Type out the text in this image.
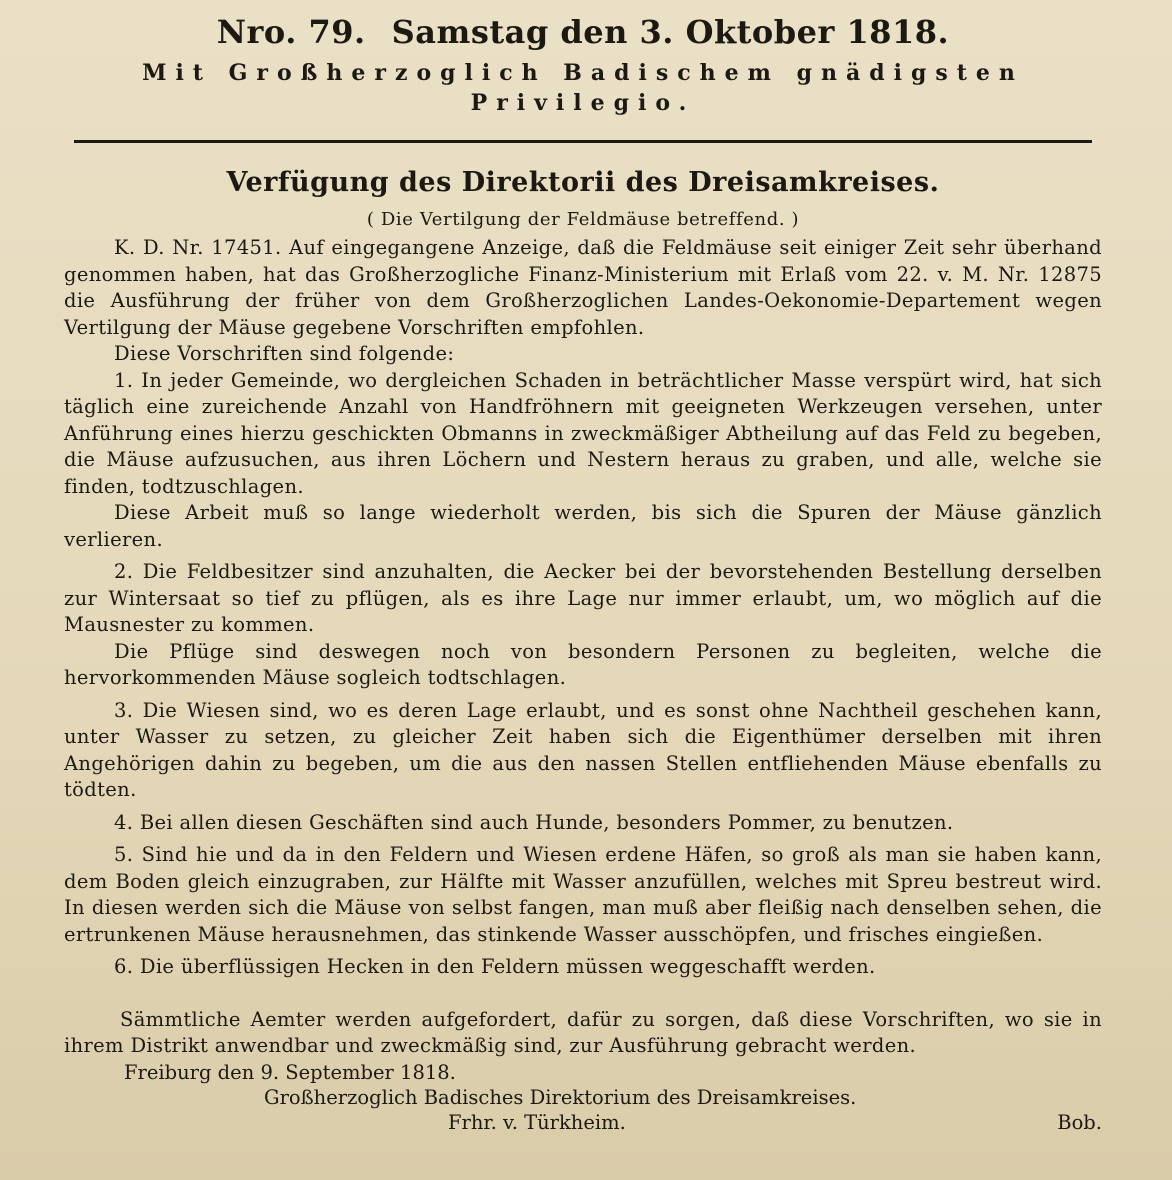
Nro. 79. Samstag den 3. Oktober 1818.
Mit Großherzoglich Badischem gnädigsten Privilegio.
Verfügung des Direktorii des Dreisamkreises.
( Die Vertilgung der Feldmäuse betreffend. )

K. D. Nr. 17451. Auf eingegangene Anzeige, daß die Feldmäuse seit einiger Zeit sehr überhand genommen haben, hat das Großherzogliche Finanz-Ministerium mit Erlaß vom 22. v. M. Nr. 12875 die Ausführung der früher von dem Großherzoglichen Landes-Oekonomie-Departement wegen Vertilgung der Mäuse gegebene Vorschriften empfohlen.

Diese Vorschriften sind folgende:

1. In jeder Gemeinde, wo dergleichen Schaden in beträchtlicher Masse verspürt wird, hat sich täglich eine zureichende Anzahl von Handfröhnern mit geeigneten Werkzeugen versehen, unter Anführung eines hierzu geschickten Obmanns in zweckmäßiger Abtheilung auf das Feld zu begeben, die Mäuse aufzusuchen, aus ihren Löchern und Nestern heraus zu graben, und alle, welche sie finden, todtzuschlagen.

Diese Arbeit muß so lange wiederholt werden, bis sich die Spuren der Mäuse gänzlich verlieren.

2. Die Feldbesitzer sind anzuhalten, die Aecker bei der bevorstehenden Bestellung derselben zur Wintersaat so tief zu pflügen, als es ihre Lage nur immer erlaubt, um, wo möglich auf die Mausnester zu kommen.

Die Pflüge sind deswegen noch von besondern Personen zu begleiten, welche die hervorkommenden Mäuse sogleich todtschlagen.

3. Die Wiesen sind, wo es deren Lage erlaubt, und es sonst ohne Nachtheil geschehen kann, unter Wasser zu setzen, zu gleicher Zeit haben sich die Eigenthümer derselben mit ihren Angehörigen dahin zu begeben, um die aus den nassen Stellen entfliehenden Mäuse ebenfalls zu tödten.

4. Bei allen diesen Geschäften sind auch Hunde, besonders Pommer, zu benutzen.

5. Sind hie und da in den Feldern und Wiesen erdene Häfen, so groß als man sie haben kann, dem Boden gleich einzugraben, zur Hälfte mit Wasser anzufüllen, welches mit Spreu bestreut wird. In diesen werden sich die Mäuse von selbst fangen, man muß aber fleißig nach denselben sehen, die ertrunkenen Mäuse herausnehmen, das stinkende Wasser ausschöpfen, und frisches eingießen.

6. Die überflüssigen Hecken in den Feldern müssen weggeschafft werden.

Sämmtliche Aemter werden aufgefordert, dafür zu sorgen, daß diese Vorschriften, wo sie in ihrem Distrikt anwendbar und zweckmäßig sind, zur Ausführung gebracht werden.

Freiburg den 9. September 1818.
Großherzoglich Badisches Direktorium des Dreisamkreises.
Frhr. v. Türkheim.	Bob.
